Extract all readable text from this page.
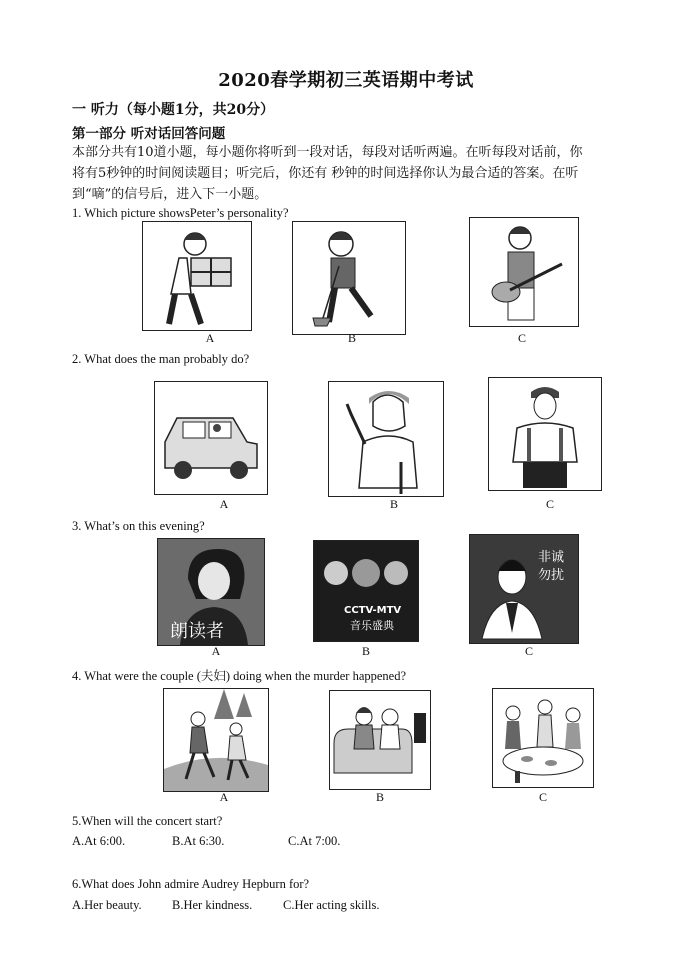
2020春学期初三英语期中考试
一 听力（每小题1分，共20分）
第一部分 听对话回答问题
本部分共有10道小题，每小题你将听到一段对话，每段对话听两遍。在听每段对话前，你
将有5秒钟的时间阅读题目；听完后，你还有 秒钟的时间选择你认为最合适的答案。在听
到“嘀”的信号后，进入下一小题。
1. Which picture showsPeter’s personality?
A	B	C
2. What does the man probably do?
A	B	C
3. What’s on this evening?
朗读者
CCTV-MTV
音乐盛典
非诚
勿扰
A	B	C
4. What were the couple (夫妇) doing when the murder happened?
A	B	C
5.When will the concert start?
A.At 6:00.	B.At 6:30.	C.At 7:00.
6.What does John admire Audrey Hepburn for?
A.Her beauty. B.Her kindness. C.Her acting skills.
